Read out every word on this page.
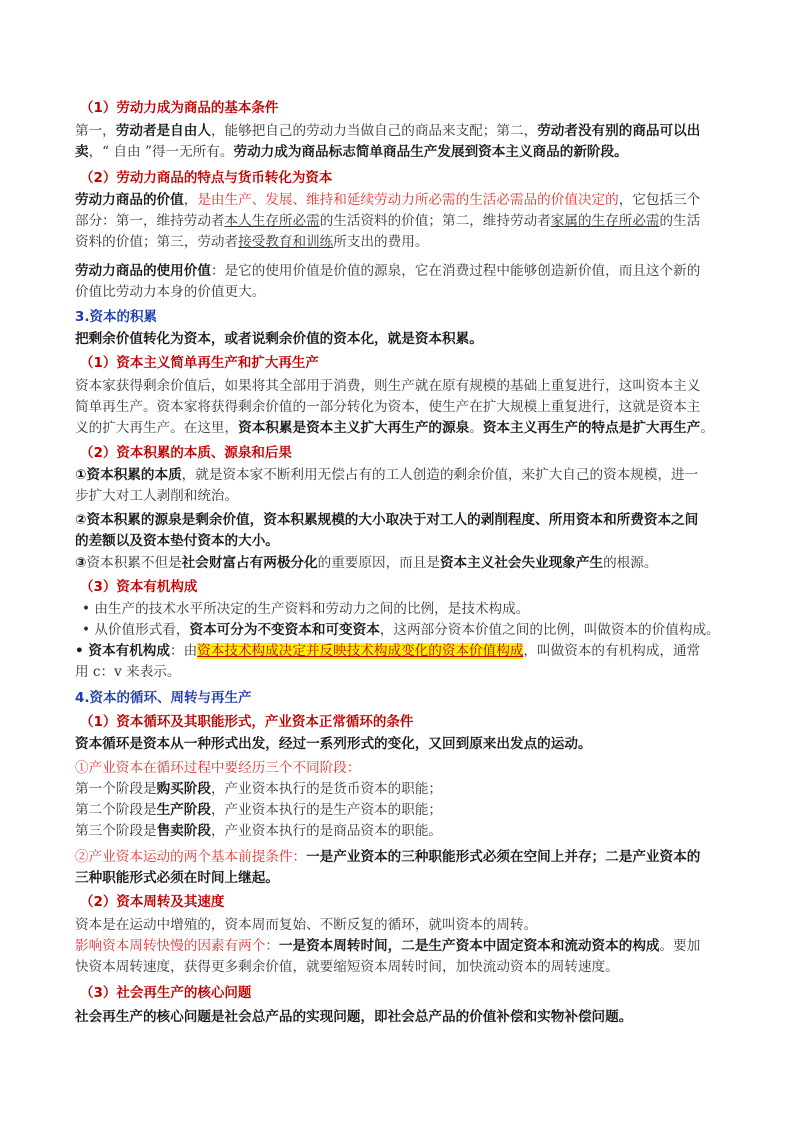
（1）劳动力成为商品的基本条件
第一，劳动者是自由人，能够把自己的劳动力当做自己的商品来支配；第二，劳动者没有别的商品可以出
卖，“ 自由 ”得一无所有。劳动力成为商品标志简单商品生产发展到资本主义商品的新阶段。
（2）劳动力商品的特点与货币转化为资本
劳动力商品的价值，是由生产、发展、维持和延续劳动力所必需的生活必需品的价值决定的，它包括三个
部分：第一，维持劳动者本人生存所必需的生活资料的价值；第二，维持劳动者家属的生存所必需的生活
资料的价值；第三，劳动者接受教育和训练所支出的费用。
劳动力商品的使用价值：是它的使用价值是价值的源泉，它在消费过程中能够创造新价值，而且这个新的
价值比劳动力本身的价值更大。
3.资本的积累
把剩余价值转化为资本，或者说剩余价值的资本化，就是资本积累。
（1）资本主义简单再生产和扩大再生产
资本家获得剩余价值后，如果将其全部用于消费，则生产就在原有规模的基础上重复进行，这叫资本主义
简单再生产。资本家将获得剩余价值的一部分转化为资本，使生产在扩大规模上重复进行，这就是资本主
义的扩大再生产。在这里，资本积累是资本主义扩大再生产的源泉。资本主义再生产的特点是扩大再生产。
（2）资本积累的本质、源泉和后果
①资本积累的本质，就是资本家不断利用无偿占有的工人创造的剩余价值，来扩大自己的资本规模，进一
步扩大对工人剥削和统治。
②资本积累的源泉是剩余价值，资本积累规模的大小取决于对工人的剥削程度、所用资本和所费资本之间
的差额以及资本垫付资本的大小。
③资本积累不但是社会财富占有两极分化的重要原因，而且是资本主义社会失业现象产生的根源。
（3）资本有机构成
• 由生产的技术水平所决定的生产资料和劳动力之间的比例，是技术构成。
• 从价值形式看，资本可分为不变资本和可变资本，这两部分资本价值之间的比例，叫做资本的价值构成。
• 资本有机构成：由资本技术构成决定并反映技术构成变化的资本价值构成，叫做资本的有机构成，通常
用 c：v 来表示。
4.资本的循环、周转与再生产
（1）资本循环及其职能形式，产业资本正常循环的条件
资本循环是资本从一种形式出发，经过一系列形式的变化，又回到原来出发点的运动。
①产业资本在循环过程中要经历三个不同阶段：
第一个阶段是购买阶段，产业资本执行的是货币资本的职能；
第二个阶段是生产阶段，产业资本执行的是生产资本的职能；
第三个阶段是售卖阶段，产业资本执行的是商品资本的职能。
②产业资本运动的两个基本前提条件：一是产业资本的三种职能形式必须在空间上并存；二是产业资本的
三种职能形式必须在时间上继起。
（2）资本周转及其速度
资本是在运动中增殖的，资本周而复始、不断反复的循环，就叫资本的周转。
影响资本周转快慢的因素有两个：一是资本周转时间，二是生产资本中固定资本和流动资本的构成。要加
快资本周转速度，获得更多剩余价值，就要缩短资本周转时间，加快流动资本的周转速度。
（3）社会再生产的核心问题
社会再生产的核心问题是社会总产品的实现问题，即社会总产品的价值补偿和实物补偿问题。
